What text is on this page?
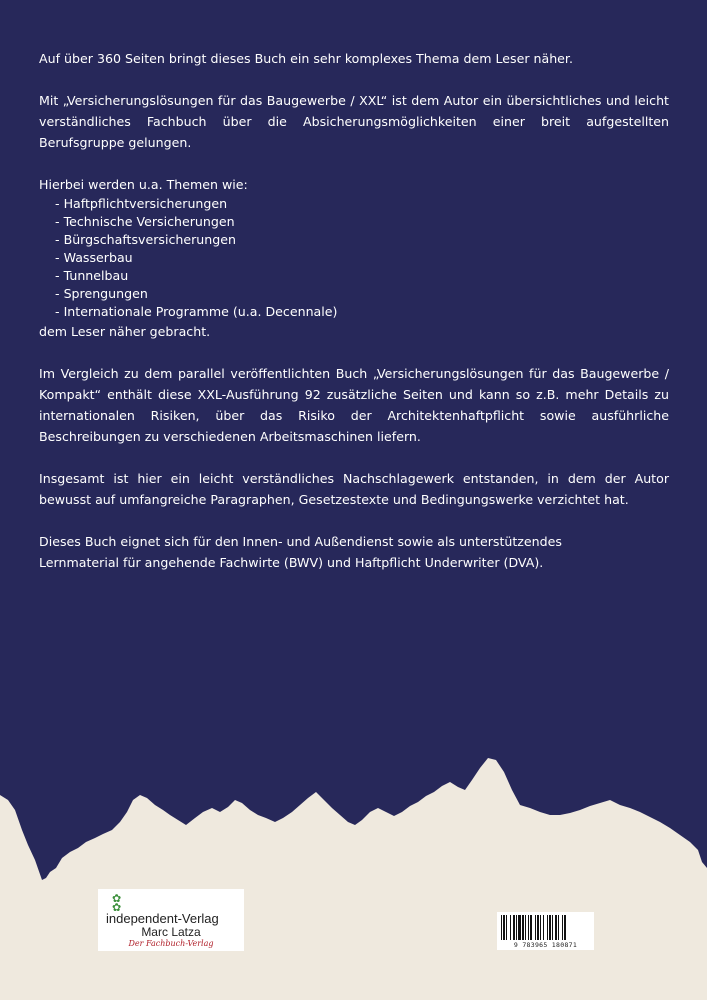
Auf über 360 Seiten bringt dieses Buch ein sehr komplexes Thema dem Leser näher.

Mit „Versicherungslösungen für das Baugewerbe / XXL“ ist dem Autor ein übersichtliches und leicht verständliches Fachbuch über die Absicherungsmöglichkeiten einer breit aufgestellten Berufsgruppe gelungen.

Hierbei werden u.a. Themen wie:
- Haftpflichtversicherungen
- Technische Versicherungen
- Bürgschaftsversicherungen
- Wasserbau
- Tunnelbau
- Sprengungen
- Internationale Programme (u.a. Decennale)
dem Leser näher gebracht.

Im Vergleich zu dem parallel veröffentlichten Buch „Versicherungslösungen für das Baugewerbe / Kompakt“ enthält diese XXL-Ausführung 92 zusätzliche Seiten und kann so z.B. mehr Details zu internationalen Risiken, über das Risiko der Architektenhaftpflicht sowie ausführliche Beschreibungen zu verschiedenen Arbeitsmaschinen liefern.

Insgesamt ist hier ein leicht verständliches Nachschlagewerk entstanden, in dem der Autor bewusst auf umfangreiche Paragraphen, Gesetzestexte und Bedingungswerke verzichtet hat.

Dieses Buch eignet sich für den Innen- und Außendienst sowie als unterstützendes
Lernmaterial für angehende Fachwirte (BWV) und Haftpflicht Underwriter (DVA).
✿
✿
independent-Verlag
Marc Latza
Der Fachbuch-Verlag	9 783965 180871
